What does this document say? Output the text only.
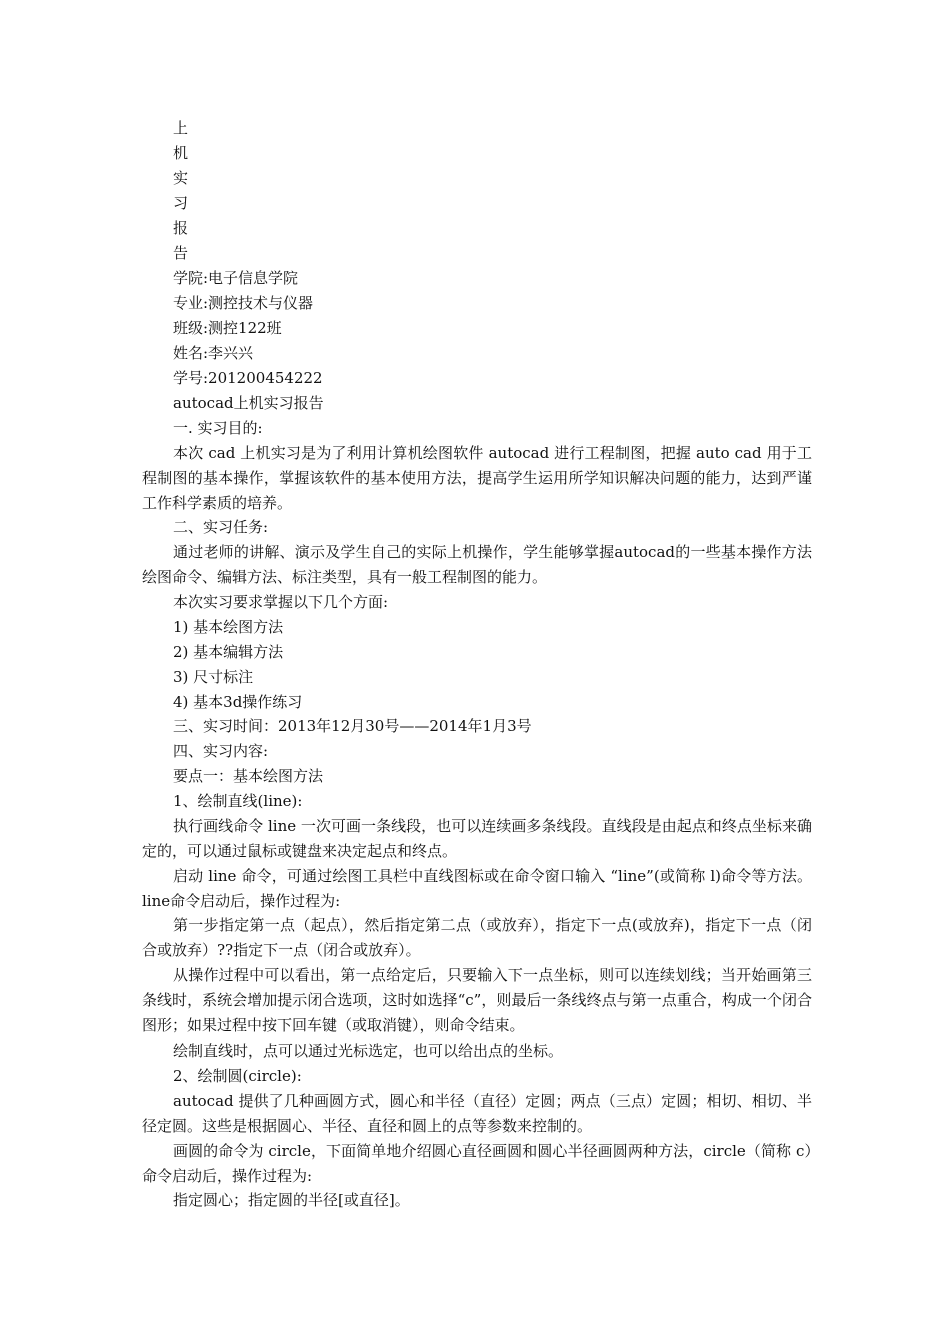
上
机
实
习
报
告
学院:电子信息学院
专业:测控技术与仪器
班级:测控122班
姓名:李兴兴
学号:201200454222
autocad上机实习报告
一. 实习目的:
本次 cad 上机实习是为了利用计算机绘图软件 autocad 进行工程制图，把握 auto cad 用于工程制图的基本操作，掌握该软件的基本使用方法，提高学生运用所学知识解决问题的能力，达到严谨工作科学素质的培养。
二、实习任务:
通过老师的讲解、演示及学生自己的实际上机操作，学生能够掌握autocad的一些基本操作方法绘图命令、编辑方法、标注类型，具有一般工程制图的能力。
本次实习要求掌握以下几个方面:
1) 基本绘图方法
2) 基本编辑方法
3) 尺寸标注
4) 基本3d操作练习
三、实习时间：2013年12月30号——2014年1月3号
四、实习内容:
要点一：基本绘图方法
1、绘制直线(line):
执行画线命令 line 一次可画一条线段，也可以连续画多条线段。直线段是由起点和终点坐标来确定的，可以通过鼠标或键盘来决定起点和终点。
启动 line 命令，可通过绘图工具栏中直线图标或在命令窗口输入 “line”(或简称 l)命令等方法。line命令启动后，操作过程为:
第一步指定第一点（起点），然后指定第二点（或放弃），指定下一点(或放弃)，指定下一点（闭合或放弃）??指定下一点（闭合或放弃）。
从操作过程中可以看出，第一点给定后，只要输入下一点坐标，则可以连续划线；当开始画第三条线时，系统会增加提示闭合选项，这时如选择“c”，则最后一条线终点与第一点重合，构成一个闭合图形；如果过程中按下回车键（或取消键），则命令结束。
绘制直线时，点可以通过光标选定，也可以给出点的坐标。
2、绘制圆(circle):
autocad 提供了几种画圆方式，圆心和半径（直径）定圆；两点（三点）定圆；相切、相切、半径定圆。这些是根据圆心、半径、直径和圆上的点等参数来控制的。
画圆的命令为 circle，下面简单地介绍圆心直径画圆和圆心半径画圆两种方法，circle（简称 c）命令启动后，操作过程为:
指定圆心；指定圆的半径[或直径]。
